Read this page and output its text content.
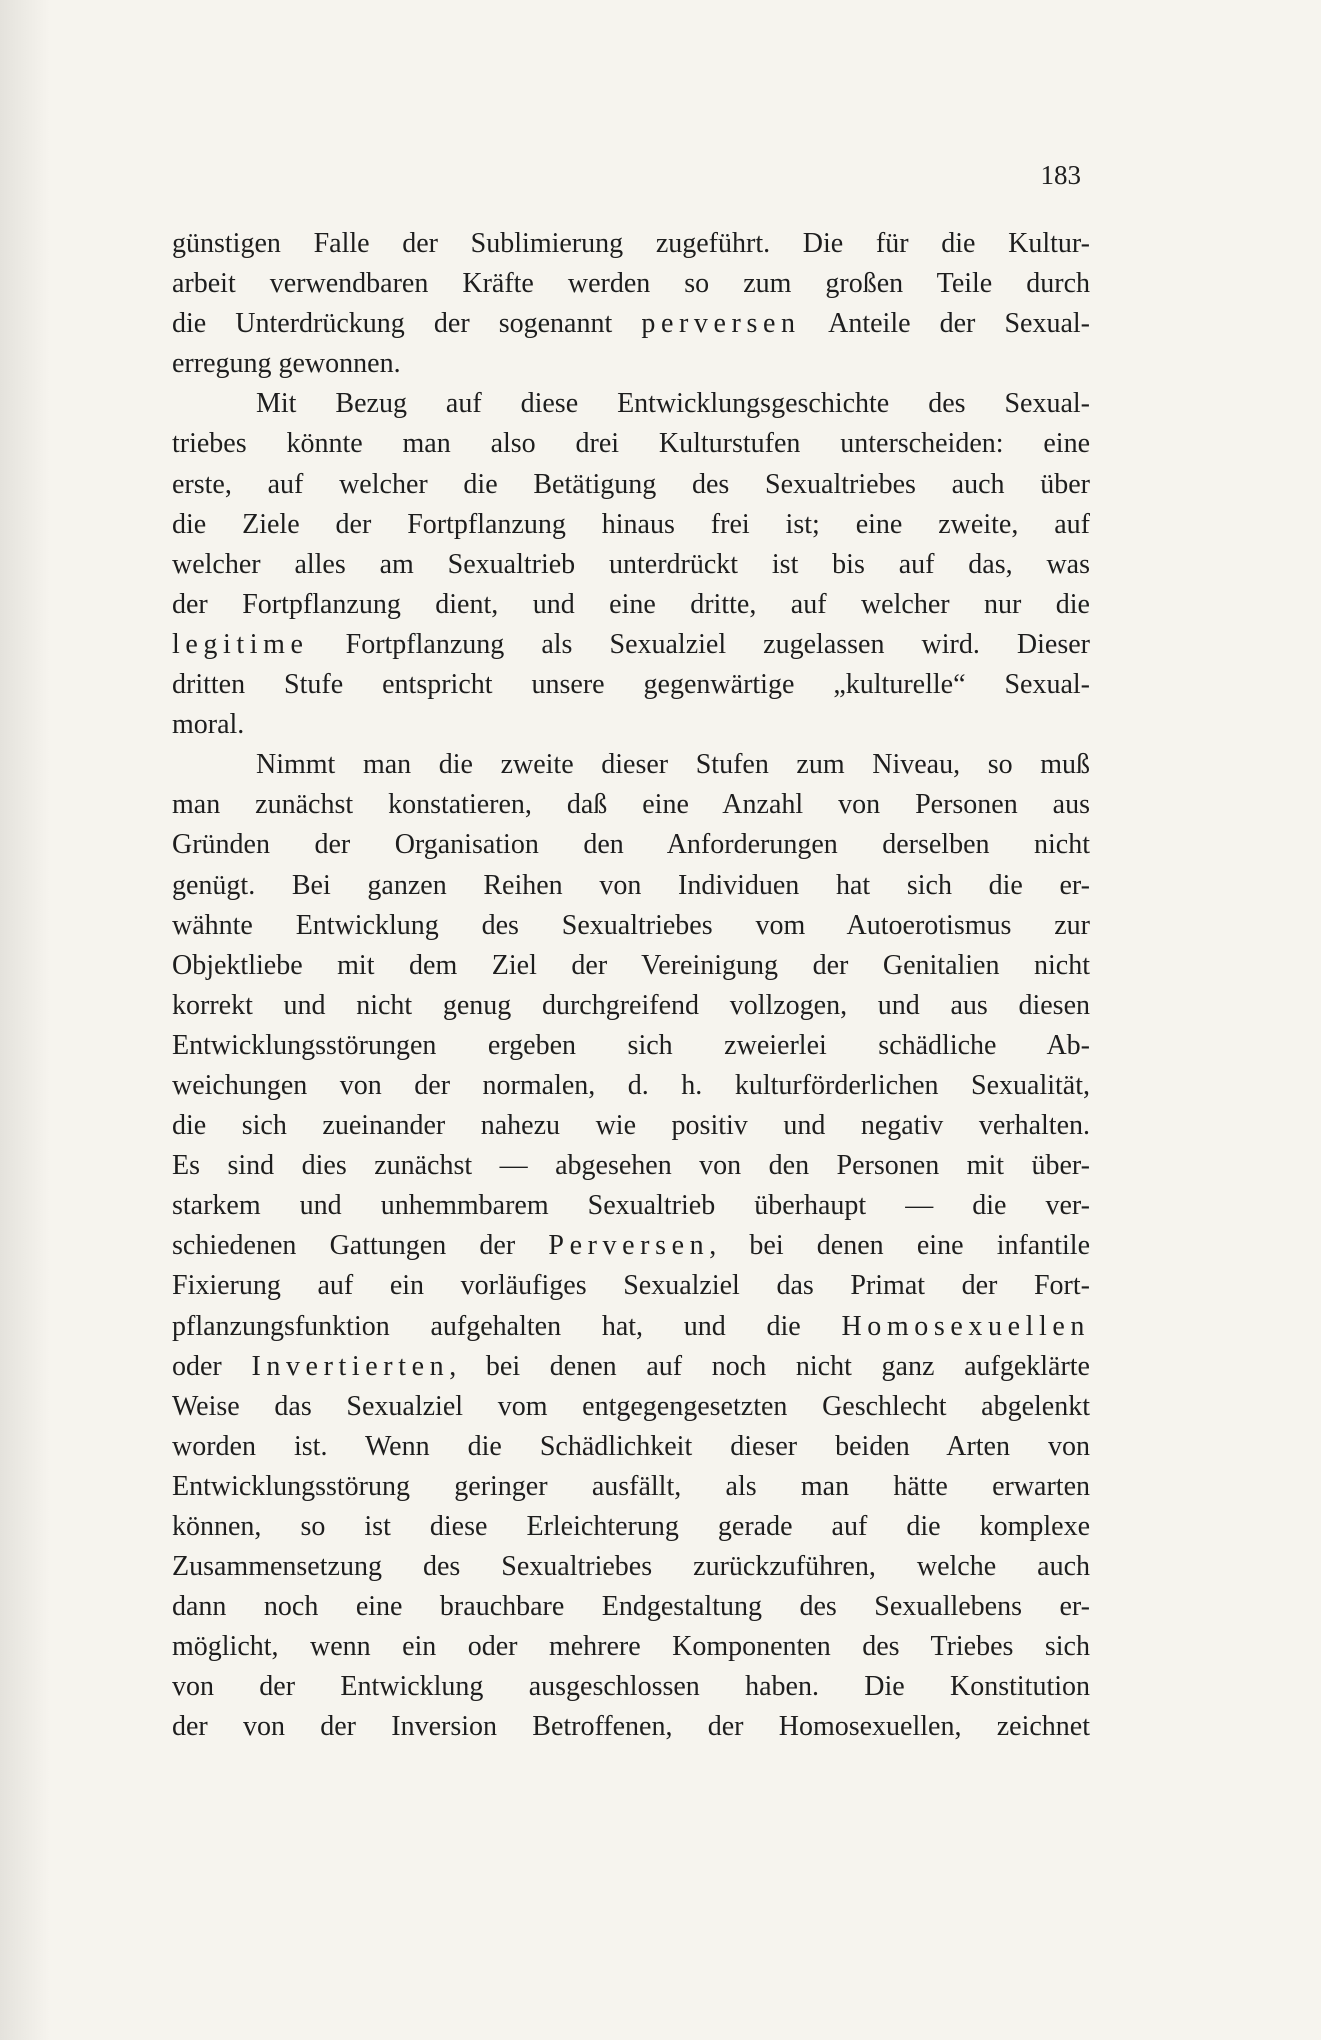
183
günstigen Falle der Sublimierung zugeführt. Die für die Kultur-
arbeit verwendbaren Kräfte werden so zum großen Teile durch
die Unterdrückung der sogenannt perversen Anteile der Sexual-
erregung gewonnen.
Mit Bezug auf diese Entwicklungsgeschichte des Sexual-
triebes könnte man also drei Kulturstufen unterscheiden: eine
erste, auf welcher die Betätigung des Sexualtriebes auch über
die Ziele der Fortpflanzung hinaus frei ist; eine zweite, auf
welcher alles am Sexualtrieb unterdrückt ist bis auf das, was
der Fortpflanzung dient, und eine dritte, auf welcher nur die
legitime Fortpflanzung als Sexualziel zugelassen wird. Dieser
dritten Stufe entspricht unsere gegenwärtige „kulturelle“ Sexual-
moral.
Nimmt man die zweite dieser Stufen zum Niveau, so muß
man zunächst konstatieren, daß eine Anzahl von Personen aus
Gründen der Organisation den Anforderungen derselben nicht
genügt. Bei ganzen Reihen von Individuen hat sich die er-
wähnte Entwicklung des Sexualtriebes vom Autoerotismus zur
Objektliebe mit dem Ziel der Vereinigung der Genitalien nicht
korrekt und nicht genug durchgreifend vollzogen, und aus diesen
Entwicklungsstörungen ergeben sich zweierlei schädliche Ab-
weichungen von der normalen, d. h. kulturförderlichen Sexualität,
die sich zueinander nahezu wie positiv und negativ verhalten.
Es sind dies zunächst — abgesehen von den Personen mit über-
starkem und unhemmbarem Sexualtrieb überhaupt — die ver-
schiedenen Gattungen der Perversen, bei denen eine infantile
Fixierung auf ein vorläufiges Sexualziel das Primat der Fort-
pflanzungsfunktion aufgehalten hat, und die Homosexuellen
oder Invertierten, bei denen auf noch nicht ganz aufgeklärte
Weise das Sexualziel vom entgegengesetzten Geschlecht abgelenkt
worden ist. Wenn die Schädlichkeit dieser beiden Arten von
Entwicklungsstörung geringer ausfällt, als man hätte erwarten
können, so ist diese Erleichterung gerade auf die komplexe
Zusammensetzung des Sexualtriebes zurückzuführen, welche auch
dann noch eine brauchbare Endgestaltung des Sexuallebens er-
möglicht, wenn ein oder mehrere Komponenten des Triebes sich
von der Entwicklung ausgeschlossen haben. Die Konstitution
der von der Inversion Betroffenen, der Homosexuellen, zeichnet
